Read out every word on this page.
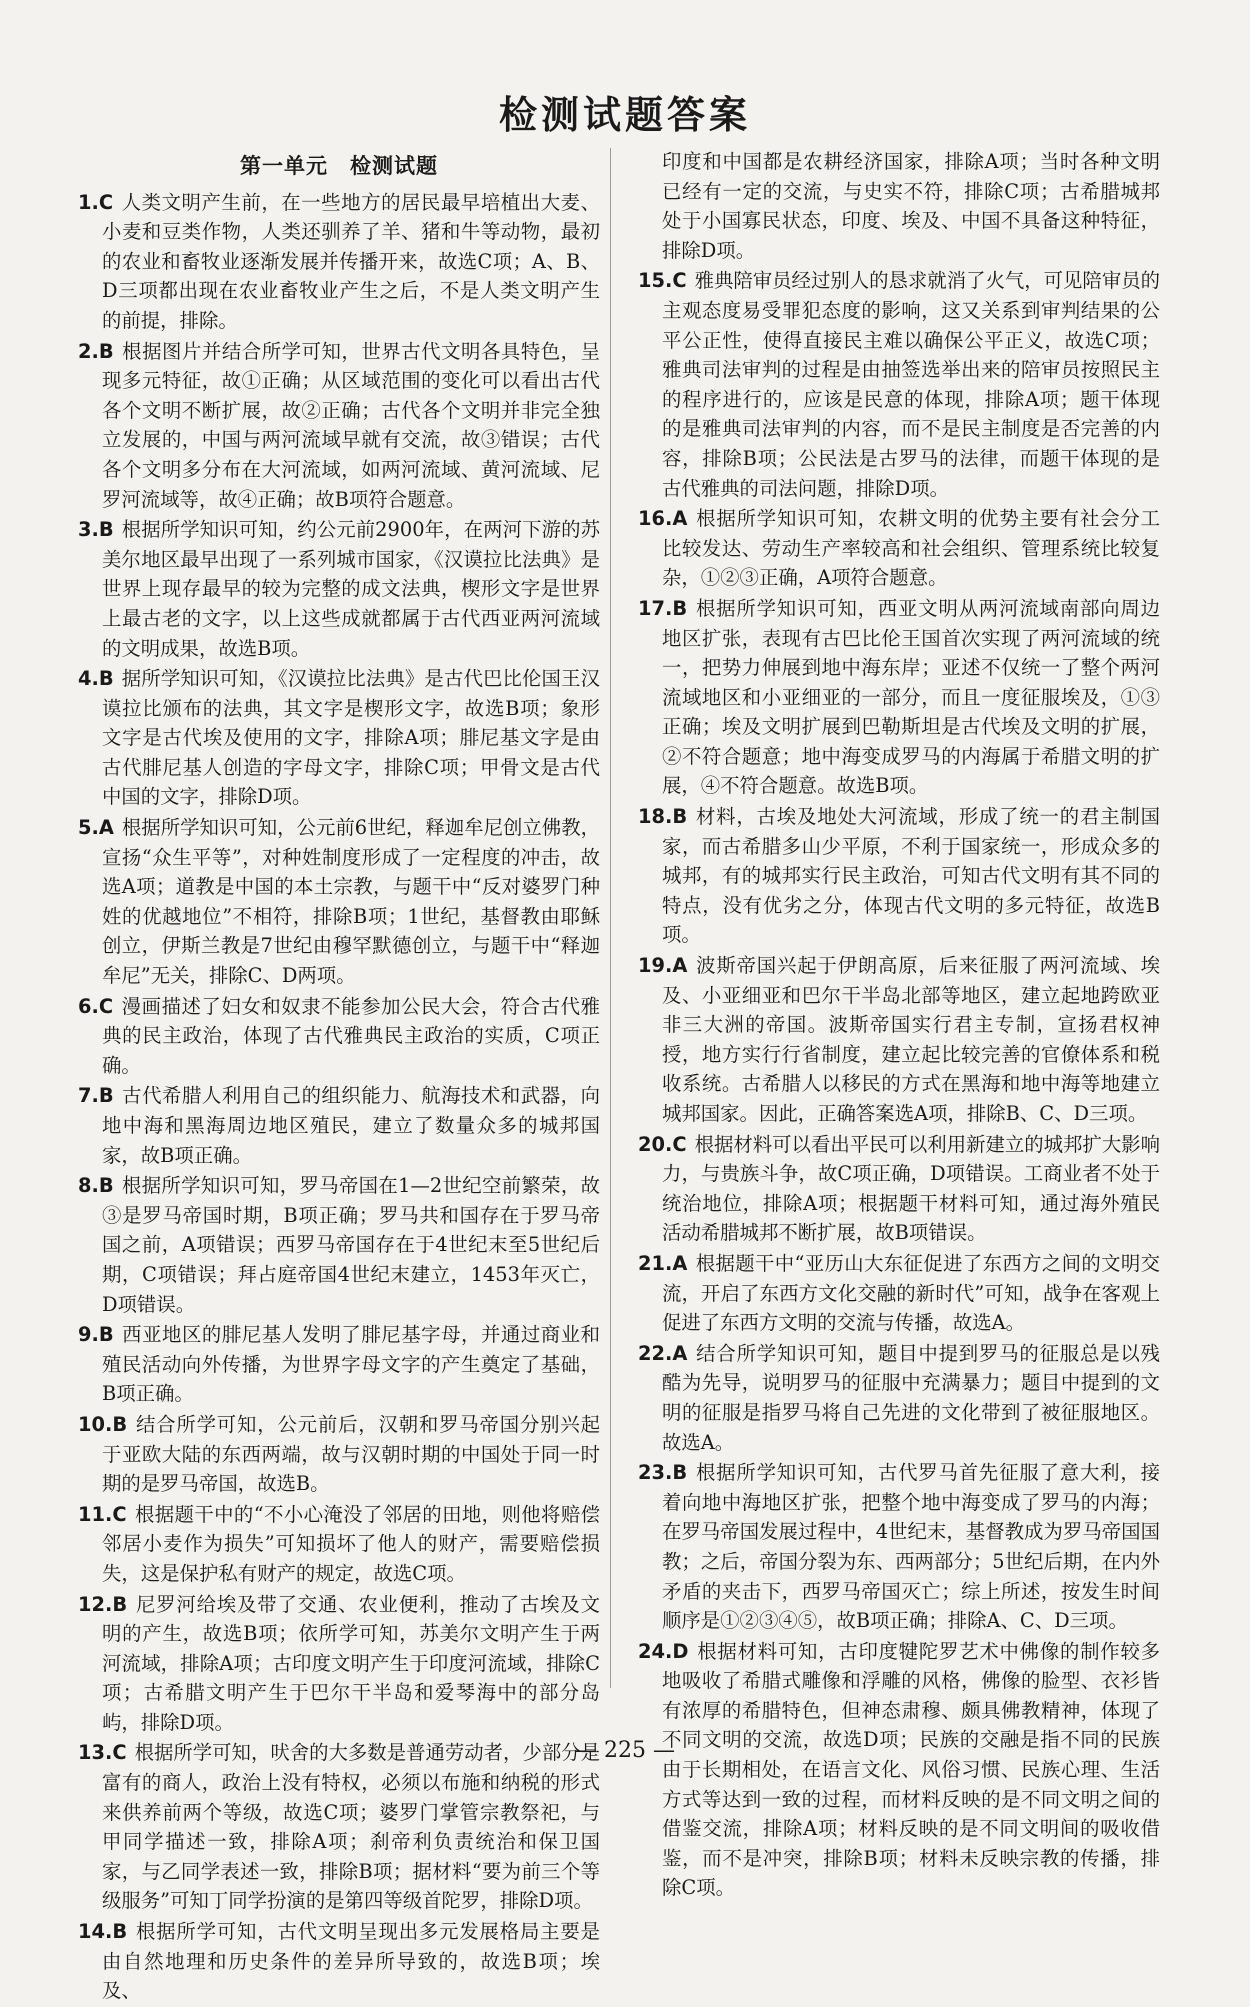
检测试题答案
第一单元　检测试题
1.C 人类文明产生前，在一些地方的居民最早培植出大麦、小麦和豆类作物，人类还驯养了羊、猪和牛等动物，最初的农业和畜牧业逐渐发展并传播开来，故选C项；A、B、D三项都出现在农业畜牧业产生之后，不是人类文明产生的前提，排除。
2.B 根据图片并结合所学可知，世界古代文明各具特色，呈现多元特征，故①正确；从区域范围的变化可以看出古代各个文明不断扩展，故②正确；古代各个文明并非完全独立发展的，中国与两河流域早就有交流，故③错误；古代各个文明多分布在大河流域，如两河流域、黄河流域、尼罗河流域等，故④正确；故B项符合题意。
3.B 根据所学知识可知，约公元前2900年，在两河下游的苏美尔地区最早出现了一系列城市国家，《汉谟拉比法典》是世界上现存最早的较为完整的成文法典，楔形文字是世界上最古老的文字，以上这些成就都属于古代西亚两河流域的文明成果，故选B项。
4.B 据所学知识可知，《汉谟拉比法典》是古代巴比伦国王汉谟拉比颁布的法典，其文字是楔形文字，故选B项；象形文字是古代埃及使用的文字，排除A项；腓尼基文字是由古代腓尼基人创造的字母文字，排除C项；甲骨文是古代中国的文字，排除D项。
5.A 根据所学知识可知，公元前6世纪，释迦牟尼创立佛教，宣扬“众生平等”，对种姓制度形成了一定程度的冲击，故选A项；道教是中国的本土宗教，与题干中“反对婆罗门种姓的优越地位”不相符，排除B项；1世纪，基督教由耶稣创立，伊斯兰教是7世纪由穆罕默德创立，与题干中“释迦牟尼”无关，排除C、D两项。
6.C 漫画描述了妇女和奴隶不能参加公民大会，符合古代雅典的民主政治，体现了古代雅典民主政治的实质，C项正确。
7.B 古代希腊人利用自己的组织能力、航海技术和武器，向地中海和黑海周边地区殖民，建立了数量众多的城邦国家，故B项正确。
8.B 根据所学知识可知，罗马帝国在1—2世纪空前繁荣，故③是罗马帝国时期，B项正确；罗马共和国存在于罗马帝国之前，A项错误；西罗马帝国存在于4世纪末至5世纪后期，C项错误；拜占庭帝国4世纪末建立，1453年灭亡，D项错误。
9.B 西亚地区的腓尼基人发明了腓尼基字母，并通过商业和殖民活动向外传播，为世界字母文字的产生奠定了基础，B项正确。
10.B 结合所学可知，公元前后，汉朝和罗马帝国分别兴起于亚欧大陆的东西两端，故与汉朝时期的中国处于同一时期的是罗马帝国，故选B。
11.C 根据题干中的“不小心淹没了邻居的田地，则他将赔偿邻居小麦作为损失”可知损坏了他人的财产，需要赔偿损失，这是保护私有财产的规定，故选C项。
12.B 尼罗河给埃及带了交通、农业便利，推动了古埃及文明的产生，故选B项；依所学可知，苏美尔文明产生于两河流域，排除A项；古印度文明产生于印度河流域，排除C项；古希腊文明产生于巴尔干半岛和爱琴海中的部分岛屿，排除D项。
13.C 根据所学可知，吠舍的大多数是普通劳动者，少部分是富有的商人，政治上没有特权，必须以布施和纳税的形式来供养前两个等级，故选C项；婆罗门掌管宗教祭祀，与甲同学描述一致，排除A项；刹帝利负责统治和保卫国家，与乙同学表述一致，排除B项；据材料“要为前三个等级服务”可知丁同学扮演的是第四等级首陀罗，排除D项。
14.B 根据所学可知，古代文明呈现出多元发展格局主要是由自然地理和历史条件的差异所导致的，故选B项；埃及、
印度和中国都是农耕经济国家，排除A项；当时各种文明已经有一定的交流，与史实不符，排除C项；古希腊城邦处于小国寡民状态，印度、埃及、中国不具备这种特征，排除D项。
15.C 雅典陪审员经过别人的恳求就消了火气，可见陪审员的主观态度易受罪犯态度的影响，这又关系到审判结果的公平公正性，使得直接民主难以确保公平正义，故选C项；雅典司法审判的过程是由抽签选举出来的陪审员按照民主的程序进行的，应该是民意的体现，排除A项；题干体现的是雅典司法审判的内容，而不是民主制度是否完善的内容，排除B项；公民法是古罗马的法律，而题干体现的是古代雅典的司法问题，排除D项。
16.A 根据所学知识可知，农耕文明的优势主要有社会分工比较发达、劳动生产率较高和社会组织、管理系统比较复杂，①②③正确，A项符合题意。
17.B 根据所学知识可知，西亚文明从两河流域南部向周边地区扩张，表现有古巴比伦王国首次实现了两河流域的统一，把势力伸展到地中海东岸；亚述不仅统一了整个两河流域地区和小亚细亚的一部分，而且一度征服埃及，①③正确；埃及文明扩展到巴勒斯坦是古代埃及文明的扩展，②不符合题意；地中海变成罗马的内海属于希腊文明的扩展，④不符合题意。故选B项。
18.B 材料，古埃及地处大河流域，形成了统一的君主制国家，而古希腊多山少平原，不利于国家统一，形成众多的城邦，有的城邦实行民主政治，可知古代文明有其不同的特点，没有优劣之分，体现古代文明的多元特征，故选B项。
19.A 波斯帝国兴起于伊朗高原，后来征服了两河流域、埃及、小亚细亚和巴尔干半岛北部等地区，建立起地跨欧亚非三大洲的帝国。波斯帝国实行君主专制，宣扬君权神授，地方实行行省制度，建立起比较完善的官僚体系和税收系统。古希腊人以移民的方式在黑海和地中海等地建立城邦国家。因此，正确答案选A项，排除B、C、D三项。
20.C 根据材料可以看出平民可以利用新建立的城邦扩大影响力，与贵族斗争，故C项正确，D项错误。工商业者不处于统治地位，排除A项；根据题干材料可知，通过海外殖民活动希腊城邦不断扩展，故B项错误。
21.A 根据题干中“亚历山大东征促进了东西方之间的文明交流，开启了东西方文化交融的新时代”可知，战争在客观上促进了东西方文明的交流与传播，故选A。
22.A 结合所学知识可知，题目中提到罗马的征服总是以残酷为先导，说明罗马的征服中充满暴力；题目中提到的文明的征服是指罗马将自己先进的文化带到了被征服地区。故选A。
23.B 根据所学知识可知，古代罗马首先征服了意大利，接着向地中海地区扩张，把整个地中海变成了罗马的内海；在罗马帝国发展过程中，4世纪末，基督教成为罗马帝国国教；之后，帝国分裂为东、西两部分；5世纪后期，在内外矛盾的夹击下，西罗马帝国灭亡；综上所述，按发生时间顺序是①②③④⑤，故B项正确；排除A、C、D三项。
24.D 根据材料可知，古印度犍陀罗艺术中佛像的制作较多地吸收了希腊式雕像和浮雕的风格，佛像的脸型、衣衫皆有浓厚的希腊特色，但神态肃穆、颇具佛教精神，体现了不同文明的交流，故选D项；民族的交融是指不同的民族由于长期相处，在语言文化、风俗习惯、民族心理、生活方式等达到一致的过程，而材料反映的是不同文明之间的借鉴交流，排除A项；材料反映的是不同文明间的吸收借鉴，而不是冲突，排除B项；材料未反映宗教的传播，排除C项。
— 225 —
